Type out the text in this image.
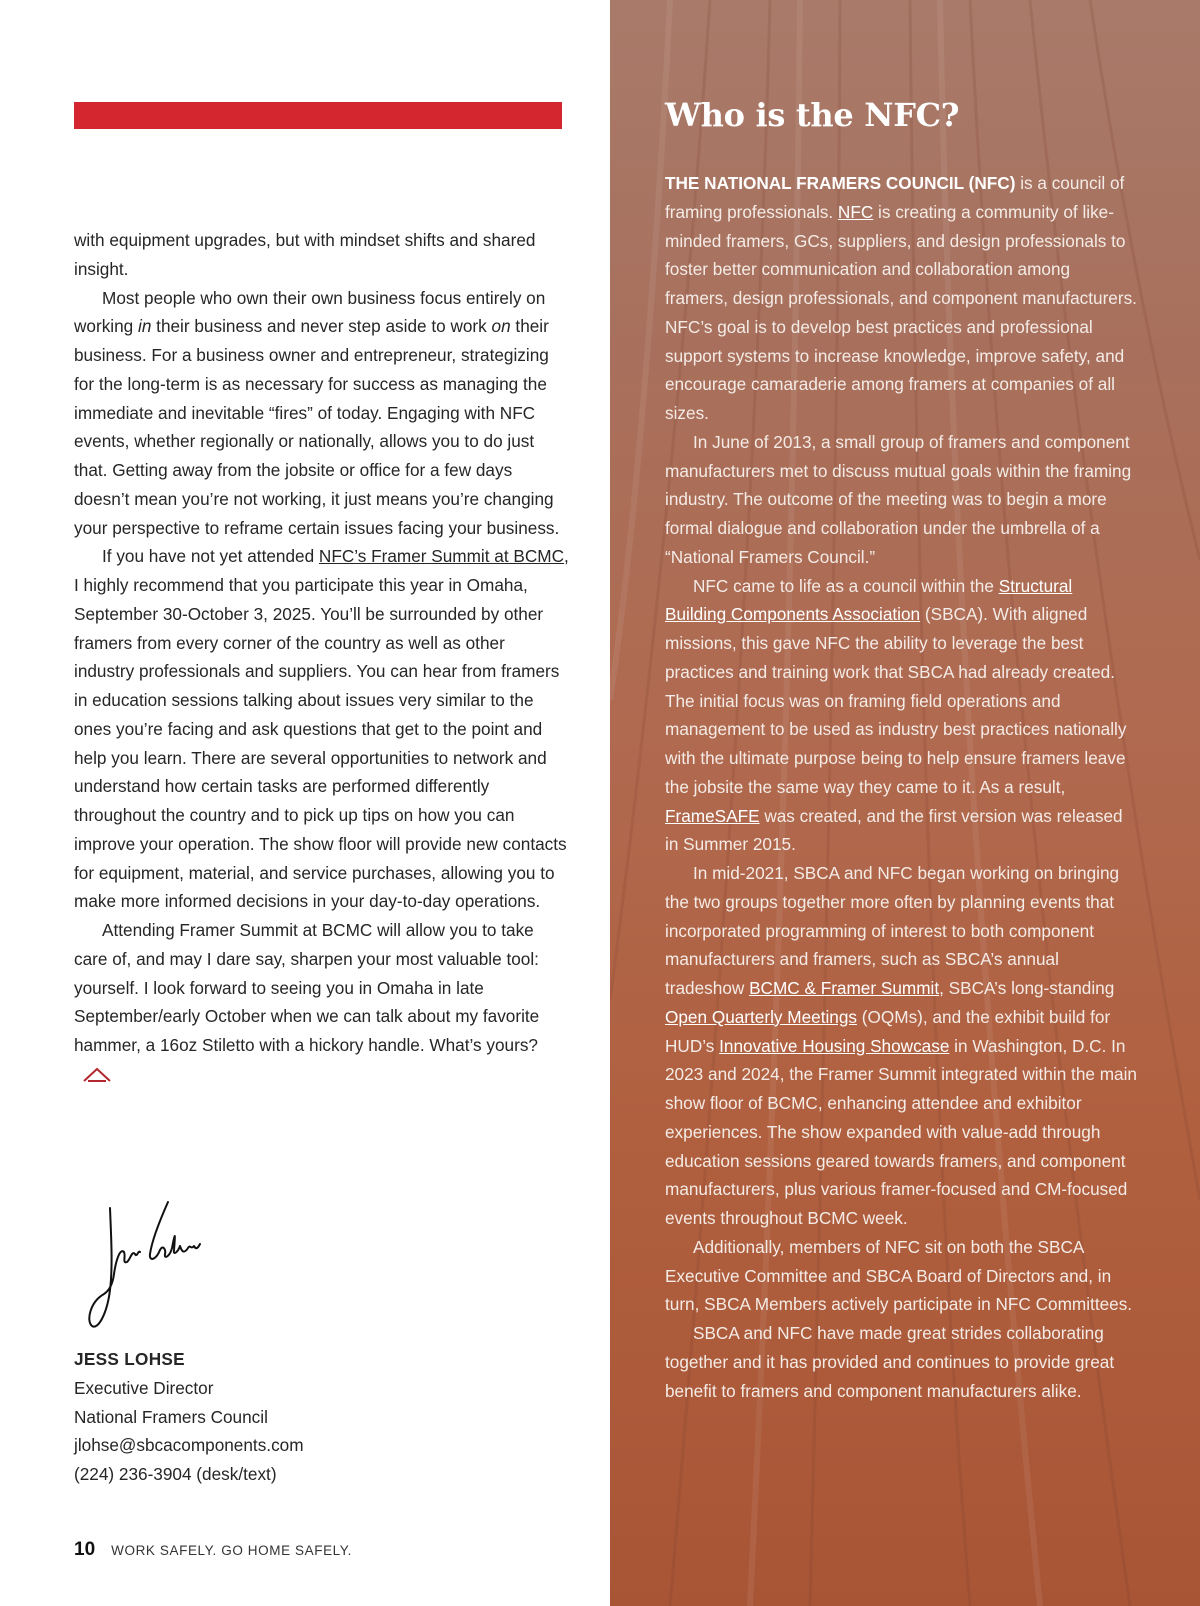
with equipment upgrades, but with mindset shifts and shared insight.

Most people who own their own business focus entirely on working in their business and never step aside to work on their business. For a business owner and entrepreneur, strategizing for the long-term is as necessary for success as managing the immediate and inevitable “fires” of today. Engaging with NFC events, whether regionally or nationally, allows you to do just that. Getting away from the jobsite or office for a few days doesn’t mean you’re not working, it just means you’re changing your perspective to reframe certain issues facing your business.

If you have not yet attended NFC’s Framer Summit at BCMC, I highly recommend that you participate this year in Omaha, September 30-October 3, 2025. You’ll be surrounded by other framers from every corner of the country as well as other industry professionals and suppliers. You can hear from framers in education sessions talking about issues very similar to the ones you’re facing and ask questions that get to the point and help you learn. There are several opportunities to network and understand how certain tasks are performed differently throughout the country and to pick up tips on how you can improve your operation. The show floor will provide new contacts for equipment, material, and service purchases, allowing you to make more informed decisions in your day-to-day operations.

Attending Framer Summit at BCMC will allow you to take care of, and may I dare say, sharpen your most valuable tool: yourself. I look forward to seeing you in Omaha in late September/early October when we can talk about my favorite hammer, a 16oz Stiletto with a hickory handle. What’s yours?

JESS LOHSE
Executive Director
National Framers Council
jlohse@sbcacomponents.com
(224) 236-3904 (desk/text)
10 WORK SAFELY. GO HOME SAFELY.
Who is the NFC?

THE NATIONAL FRAMERS COUNCIL (NFC) is a council of framing professionals. NFC is creating a community of like-minded framers, GCs, suppliers, and design professionals to foster better communication and collaboration among framers, design professionals, and component manufacturers. NFC’s goal is to develop best practices and professional support systems to increase knowledge, improve safety, and encourage camaraderie among framers at companies of all sizes.

In June of 2013, a small group of framers and component manufacturers met to discuss mutual goals within the framing industry. The outcome of the meeting was to begin a more formal dialogue and collaboration under the umbrella of a “National Framers Council.”

NFC came to life as a council within the Structural Building Components Association (SBCA). With aligned missions, this gave NFC the ability to leverage the best practices and training work that SBCA had already created. The initial focus was on framing field operations and management to be used as industry best practices nationally with the ultimate purpose being to help ensure framers leave the jobsite the same way they came to it. As a result, FrameSAFE was created, and the first version was released in Summer 2015.

In mid-2021, SBCA and NFC began working on bringing the two groups together more often by planning events that incorporated programming of interest to both component manufacturers and framers, such as SBCA’s annual tradeshow BCMC & Framer Summit, SBCA’s long-standing Open Quarterly Meetings (OQMs), and the exhibit build for HUD’s Innovative Housing Showcase in Washington, D.C. In 2023 and 2024, the Framer Summit integrated within the main show floor of BCMC, enhancing attendee and exhibitor experiences. The show expanded with value-add through education sessions geared towards framers, and component manufacturers, plus various framer-focused and CM-focused events throughout BCMC week.

Additionally, members of NFC sit on both the SBCA Executive Committee and SBCA Board of Directors and, in turn, SBCA Members actively participate in NFC Committees.

SBCA and NFC have made great strides collaborating together and it has provided and continues to provide great benefit to framers and component manufacturers alike.
